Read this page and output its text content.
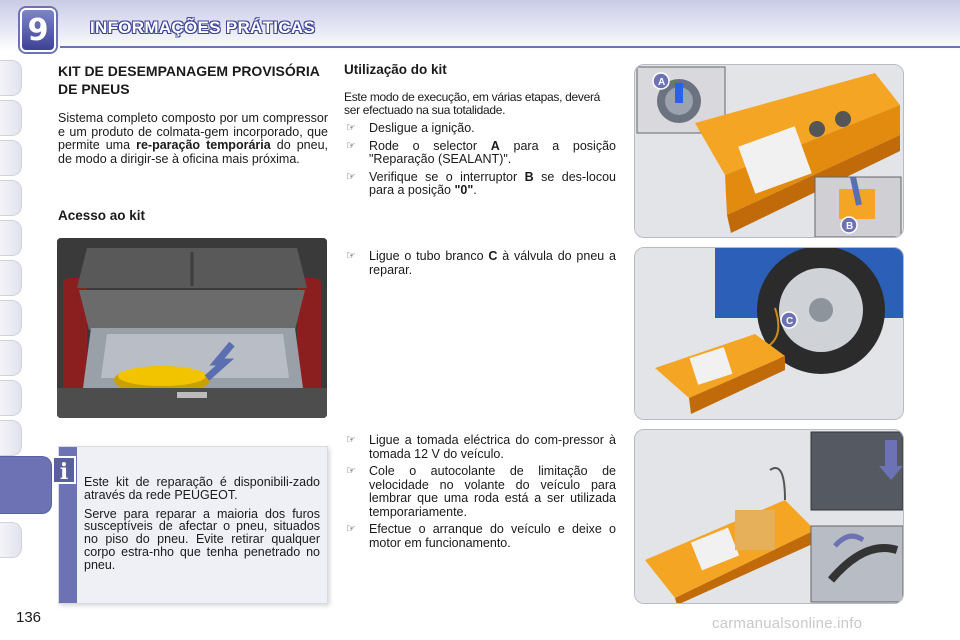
9	INFORMAÇÕES PRÁTICAS
KIT DE DESEMPANAGEM PROVISÓRIA DE PNEUS

Sistema completo composto por um compressor e um produto de colmata-gem incorporado, que permite uma re-paração temporária do pneu, de modo a dirigir-se à oficina mais próxima.

Acesso ao kit
i	Este kit de reparação é disponibili-zado através da rede PEUGEOT.

Serve para reparar a maioria dos furos susceptíveis de afectar o pneu, situados no piso do pneu. Evite retirar qualquer corpo estra-nho que tenha penetrado no pneu.

Utilização do kit

Este modo de execução, em várias etapas, deverá ser efectuado na sua totalidade.

☞ Desligue a ignição.
☞ Rode o selector A para a posição "Reparação (SEALANT)".
☞ Verifique se o interruptor B se des-locou para a posição "0".
☞ Ligue o tubo branco C à válvula do pneu a reparar.
☞ Ligue a tomada eléctrica do com-pressor à tomada 12 V do veículo.
☞ Cole o autocolante de limitação de velocidade no volante do veículo para lembrar que uma roda está a ser utilizada temporariamente.
☞ Efectue o arranque do veículo e deixe o motor em funcionamento.
A
B
C
136	carmanualsonline.info
